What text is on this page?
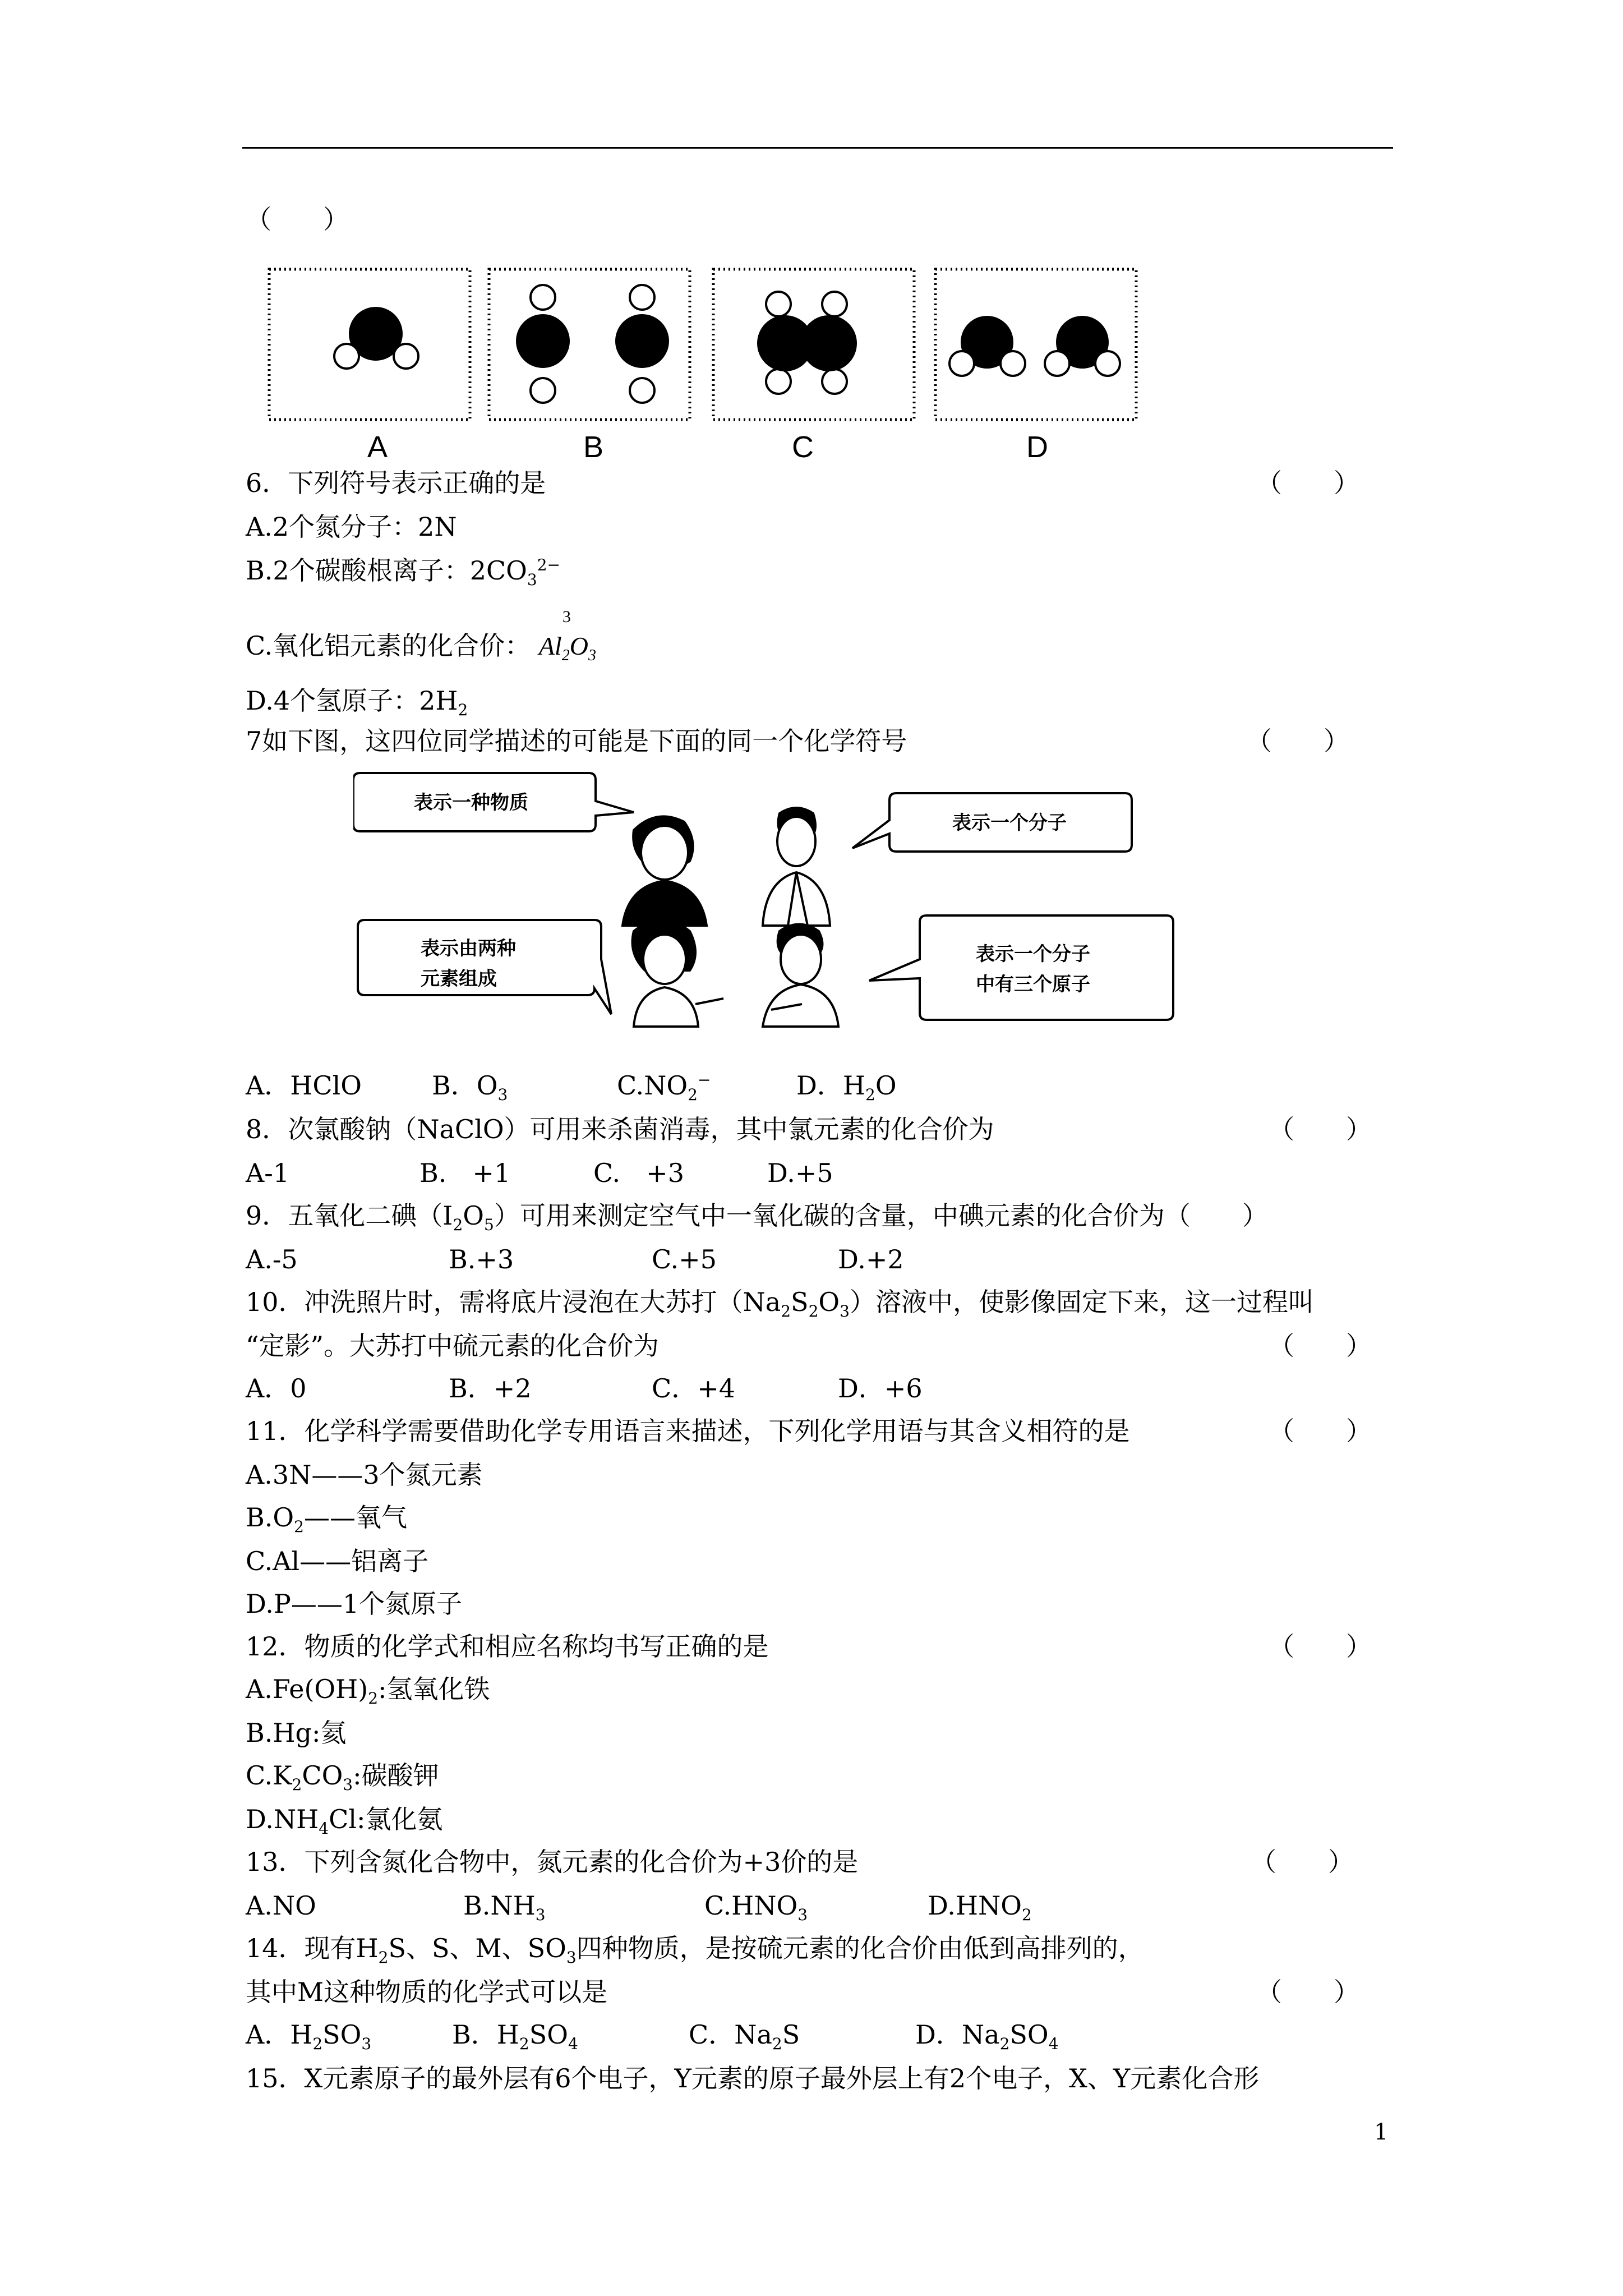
（　　）
A	B	C	D
6．下列符号表示正确的是	（　　）
A.2个氮分子：2N
B.2个碳酸根离子：$2CO_3^{2-}$
C.氧化铝元素的化合价：
3
$Al_2O_3$
D.4个氢原子：$2H_2$
7如下图，这四位同学描述的可能是下面的同一个化学符号	（　　）
表示一种物质
表示一个分子
表示由两种
元素组成
表示一个分子
中有三个原子
A．HClO	B．$O_3$	$C.NO_2^-$	D．$H_2O$
8．次氯酸钠（NaClO）可用来杀菌消毒，其中氯元素的化合价为	（　　）
A-1	B.　+1	C.　+3	D.+5
9．五氧化二碘$(I_2O_5)$可用来测定空气中一氧化碳的含量，中碘元素的化合价为（　　）
A.-5	B.+3	C.+5	D.+2
10．冲洗照片时，需将底片浸泡在大苏打$(Na_2S_2O_3)$溶液中，使影像固定下来，这一过程叫
“定影”。大苏打中硫元素的化合价为	（　　）
A．0	B．+2	C．+4	D．+6
11．化学科学需要借助化学专用语言来描述，下列化学用语与其含义相符的是	（　　）
A.3N——3个氮元素
$B.O_2——$氧气
C.Al——铝离子
D.P——1个氮原子
12．物质的化学式和相应名称均书写正确的是	（　　）
$A.Fe(OH)_2$:氢氧化铁
B.Hg:氦
$C.K_2CO_3$:碳酸钾
$D.NH_4Cl$:氯化氨
13．下列含氮化合物中，氮元素的化合价为+3价的是	（　　）
A.NO	$B.NH_3$	$C.HNO_3$	$D.HNO_2$
14．现有$H_2S$、S、M、$SO_3$四种物质，是按硫元素的化合价由低到高排列的，
其中M这种物质的化学式可以是	（　　）
A．$H_2SO_3$	B．$H_2SO_4$	C．$Na_2S$	D．$Na_2SO_4$
15．X元素原子的最外层有6个电子，Y元素的原子最外层上有2个电子，X、Y元素化合形
1
